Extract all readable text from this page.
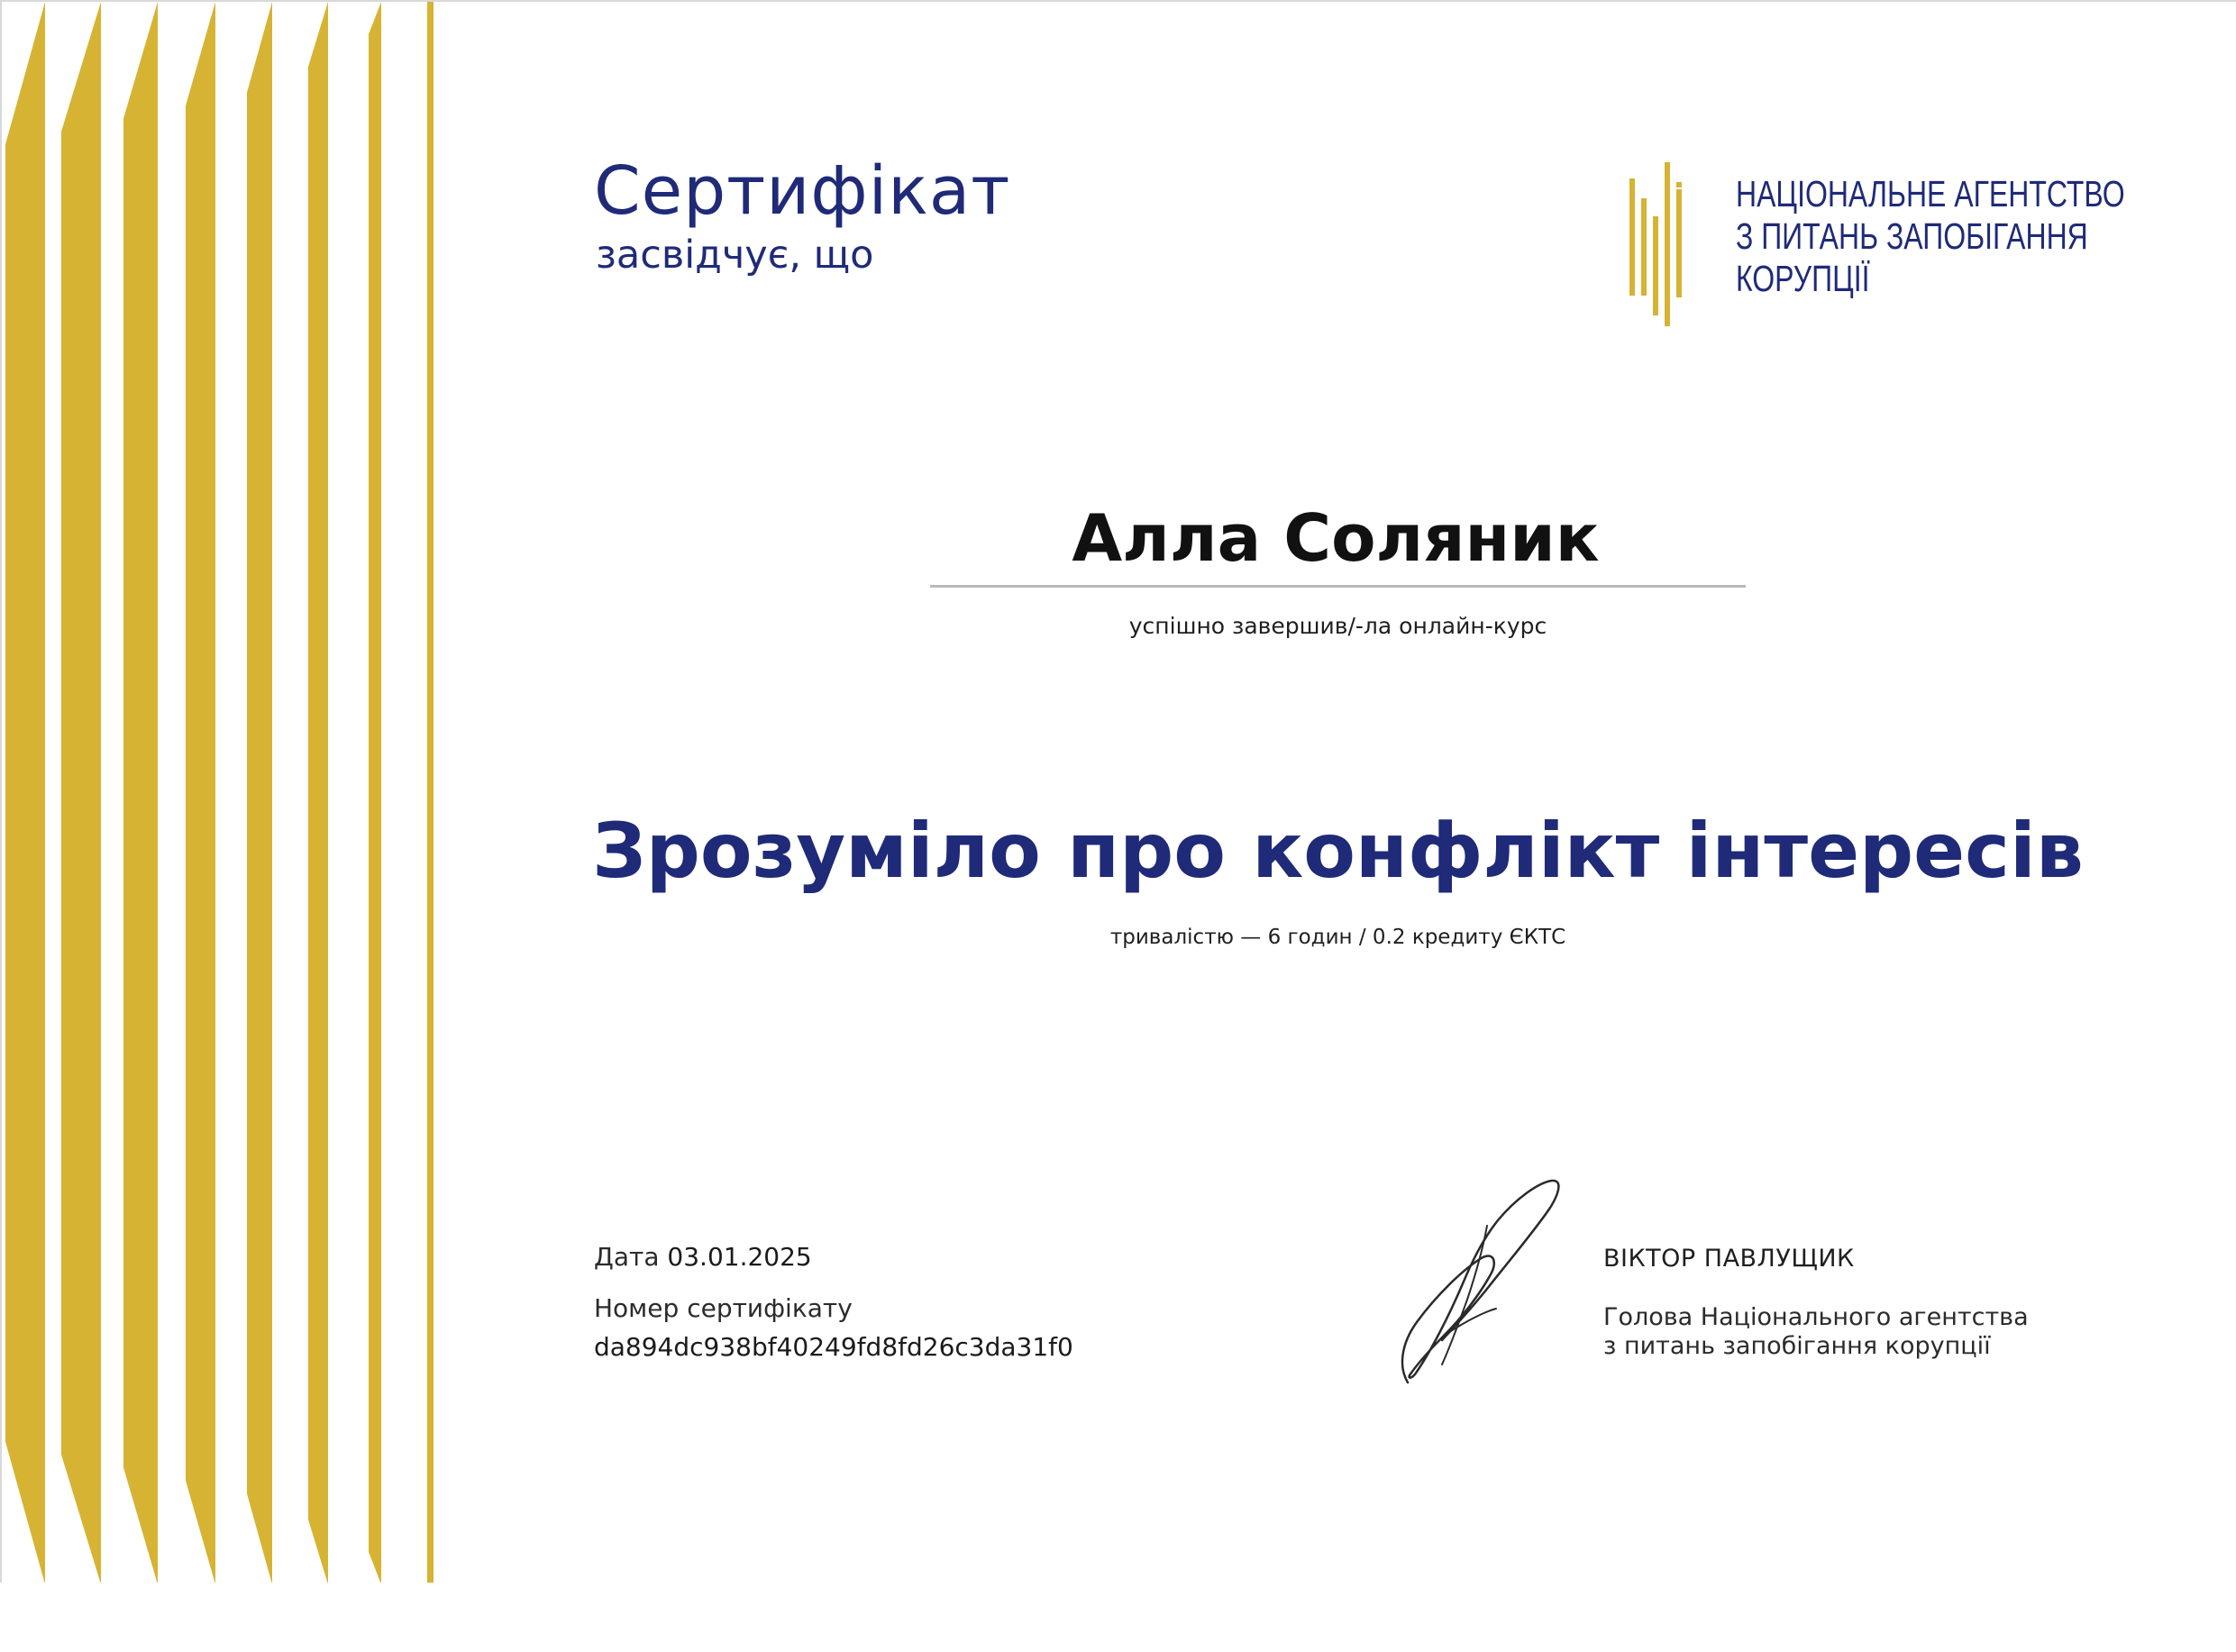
Сертифікат
засвідчує, що
НАЦІОНАЛЬНЕ АГЕНТСТВО
З ПИТАНЬ ЗАПОБІГАННЯ
КОРУПЦІЇ
Алла Соляник
успішно завершив/-ла онлайн-курс
Зрозуміло про конфлікт інтересів
тривалістю — 6 годин / 0.2 кредиту ЄКТС
Дата 03.01.2025
Номер сертифікату
da894dc938bf40249fd8fd26c3da31f0
ВІКТОР ПАВЛУЩИК
Голова Національного агентства
з питань запобігання корупції
